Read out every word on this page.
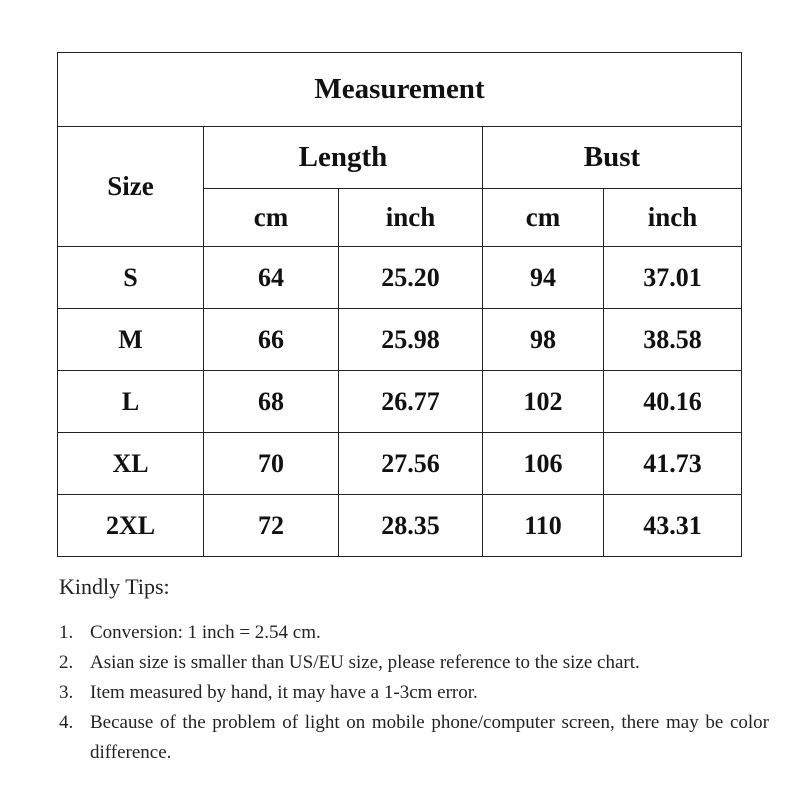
Measurement				
Size	Length		Bust	
	cm	inch	cm	inch
S	64	25.20	94	37.01
M	66	25.98	98	38.58
L	68	26.77	102	40.16
XL	70	27.56	106	41.73
2XL	72	28.35	110	43.31
Kindly Tips:
1. Conversion: 1 inch = 2.54 cm.
2. Asian size is smaller than US/EU size, please reference to the size chart.
3. Item measured by hand, it may have a 1-3cm error.
4. Because of the problem of light on mobile phone/computer screen, there may be color difference.
